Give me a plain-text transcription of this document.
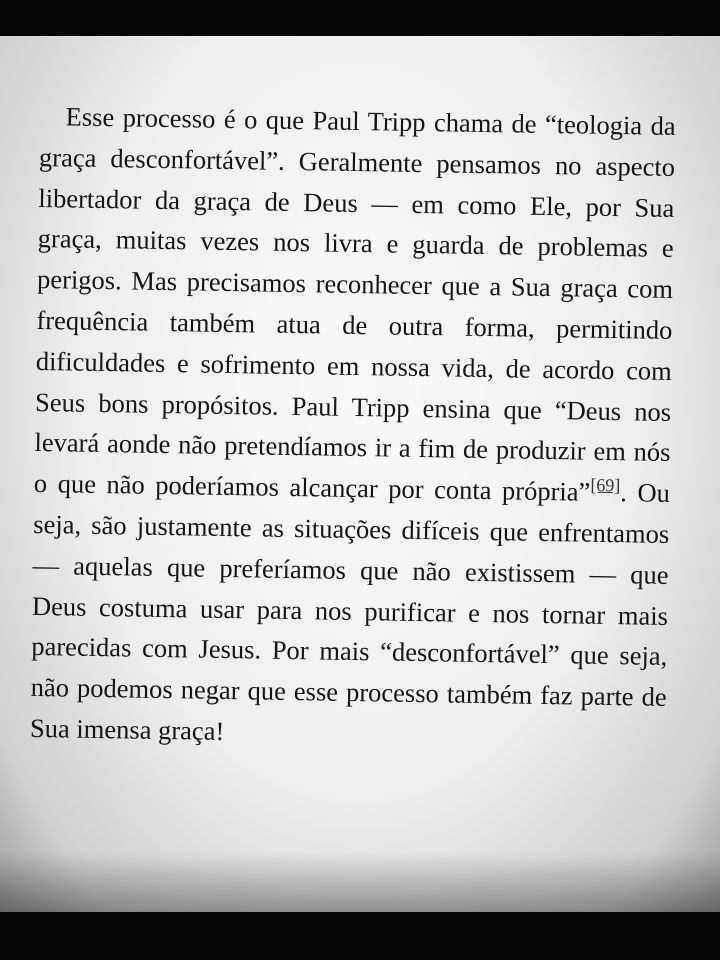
Esse processo é o que Paul Tripp chama de “teologia da graça desconfortável”. Geralmente pensamos no aspecto libertador da graça de Deus — em como Ele, por Sua graça, muitas vezes nos livra e guarda de problemas e perigos. Mas precisamos reconhecer que a Sua graça com frequência também atua de outra forma, permitindo dificuldades e sofrimento em nossa vida, de acordo com Seus bons propósitos. Paul Tripp ensina que “Deus nos levará aonde não pretendíamos ir a fim de produzir em nós o que não poderíamos alcançar por conta própria”[69]. Ou seja, são justamente as situações difíceis que enfrentamos — aquelas que preferíamos que não existissem — que Deus costuma usar para nos purificar e nos tornar mais parecidas com Jesus. Por mais “desconfortável” que seja, não podemos negar que esse processo também faz parte de Sua imensa graça!
